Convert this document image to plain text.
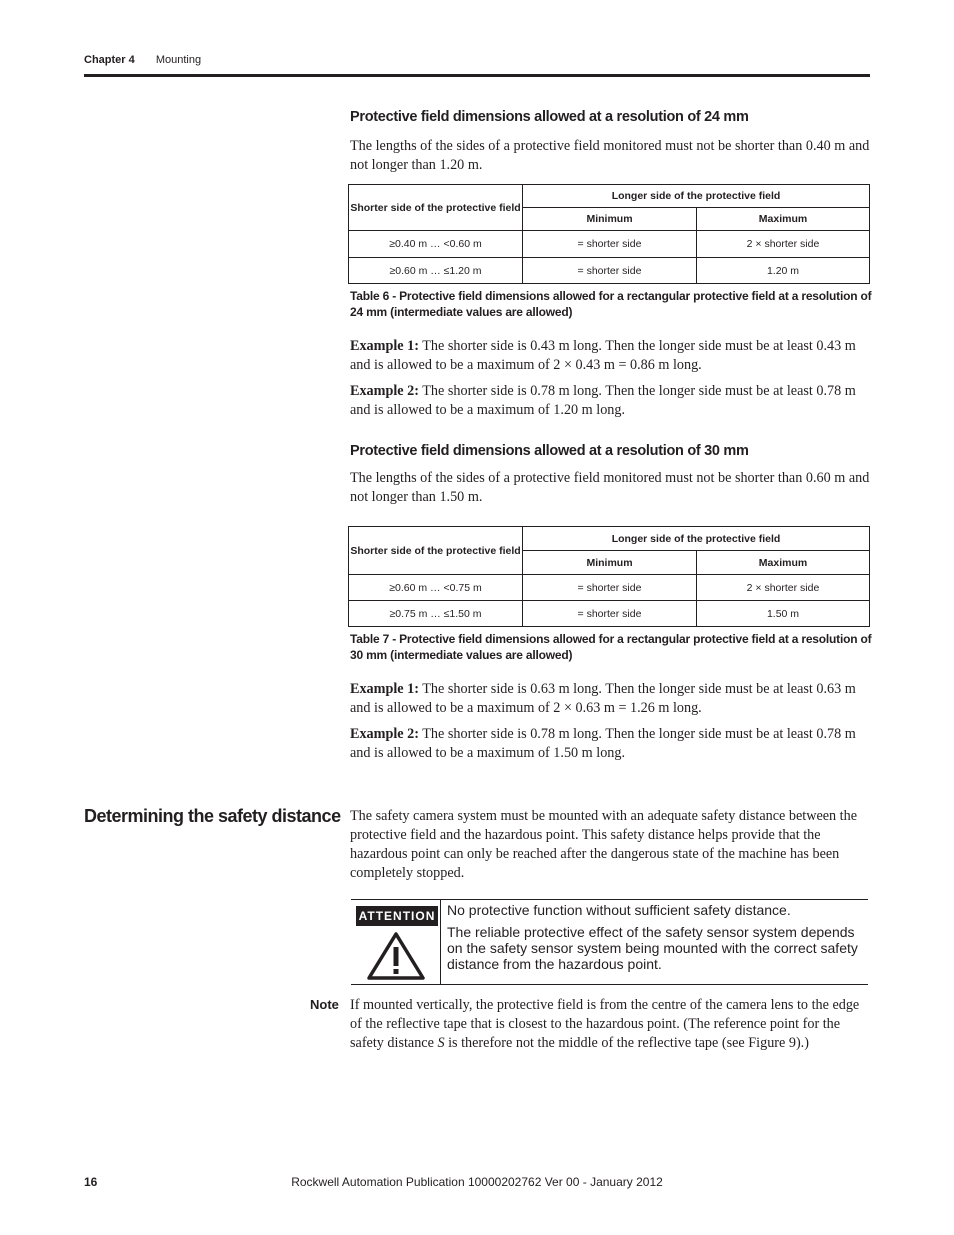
Chapter 4 Mounting
Protective field dimensions allowed at a resolution of 24 mm

The lengths of the sides of a protective field monitored must not be shorter than 0.40 m and not longer than 1.20 m.

Shorter side of the protective field	Longer side of the protective field	
	Minimum	Maximum
≥0.40 m … <0.60 m	= shorter side	2 × shorter side
≥0.60 m … ≤1.20 m	= shorter side	1.20 m
Table 6 - Protective field dimensions allowed for a rectangular protective field at a resolution of 24 mm (intermediate values are allowed)

Example 1: The shorter side is 0.43 m long. Then the longer side must be at least 0.43 m and is allowed to be a maximum of 2 × 0.43 m = 0.86 m long.

Example 2: The shorter side is 0.78 m long. Then the longer side must be at least 0.78 m and is allowed to be a maximum of 1.20 m long.

Protective field dimensions allowed at a resolution of 30 mm

The lengths of the sides of a protective field monitored must not be shorter than 0.60 m and not longer than 1.50 m.

Shorter side of the protective field	Longer side of the protective field	
	Minimum	Maximum
≥0.60 m … <0.75 m	= shorter side	2 × shorter side
≥0.75 m … ≤1.50 m	= shorter side	1.50 m
Table 7 - Protective field dimensions allowed for a rectangular protective field at a resolution of 30 mm (intermediate values are allowed)

Example 1: The shorter side is 0.63 m long. Then the longer side must be at least 0.63 m and is allowed to be a maximum of 2 × 0.63 m = 1.26 m long.

Example 2: The shorter side is 0.78 m long. Then the longer side must be at least 0.78 m and is allowed to be a maximum of 1.50 m long.

Determining the safety distance The safety camera system must be mounted with an adequate safety distance between the protective field and the hazardous point. This safety distance helps provide that the hazardous point can only be reached after the dangerous state of the machine has been completely stopped.

ATTENTION No protective function without sufficient safety distance.
The reliable protective effect of the safety sensor system depends on the safety sensor system being mounted with the correct safety distance from the hazardous point.
Note If mounted vertically, the protective field is from the centre of the camera lens to the edge of the reflective tape that is closest to the hazardous point. (The reference point for the safety distance S is therefore not the middle of the reflective tape (see Figure 9).)

16	Rockwell Automation Publication 10000202762 Ver 00 - January 2012
